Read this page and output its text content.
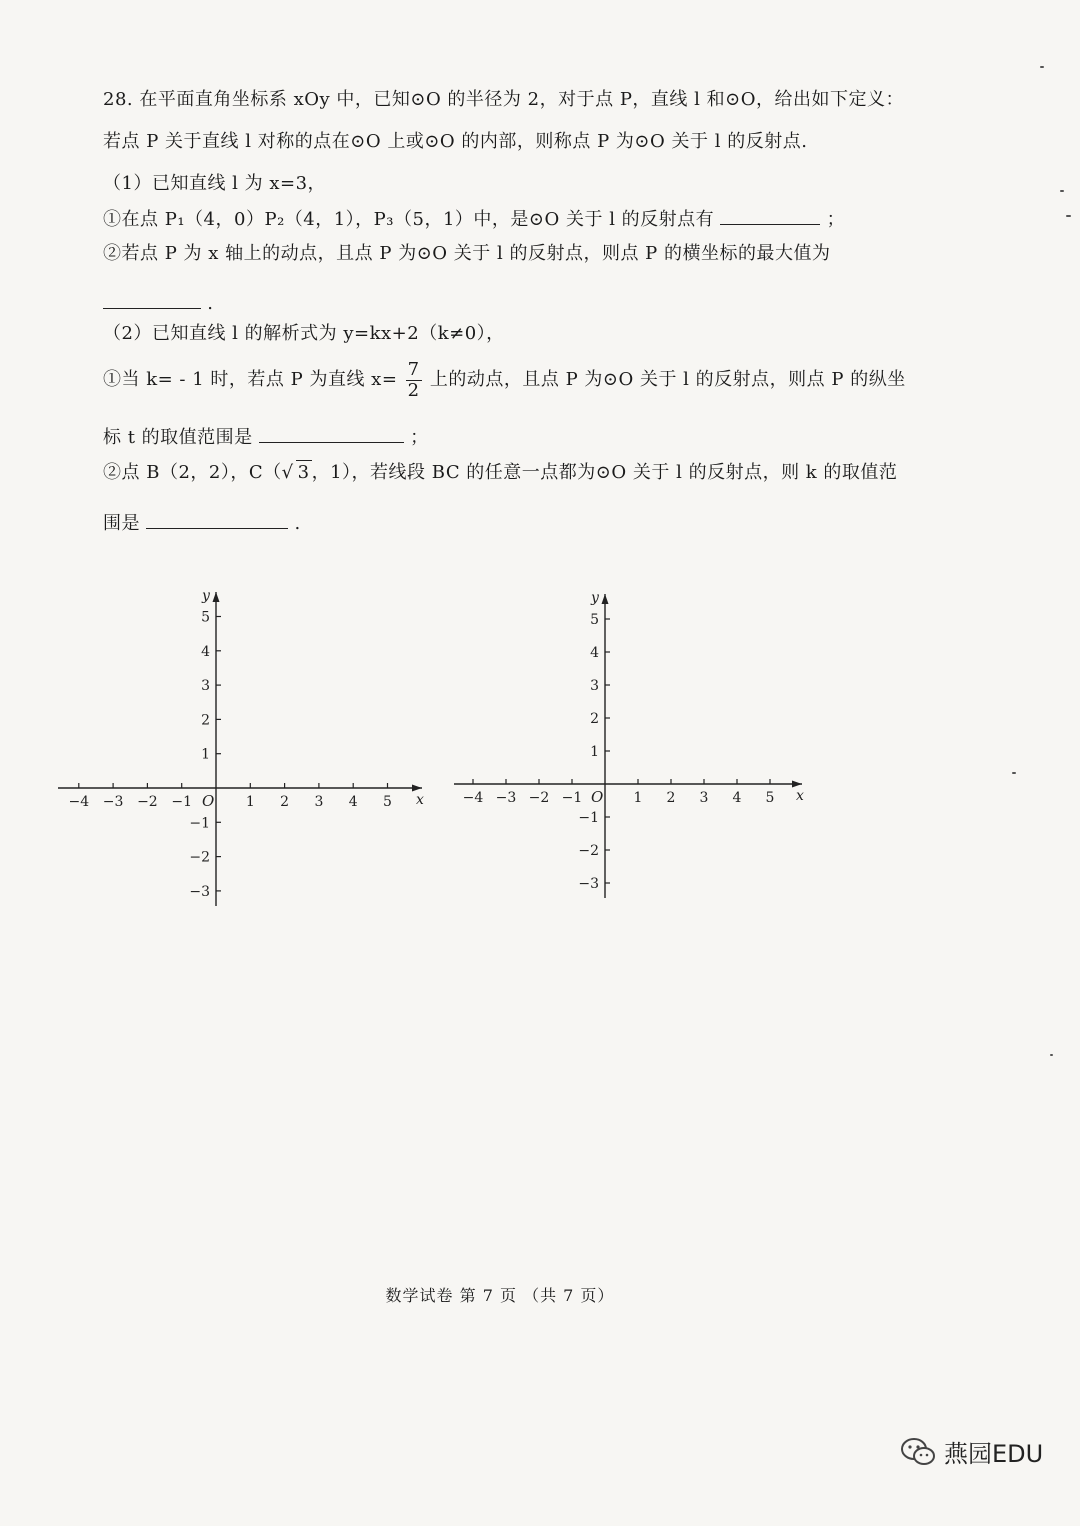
28. 在平面直角坐标系 xOy 中，已知⊙O 的半径为 2，对于点 P，直线 l 和⊙O，给出如下定义：
若点 P 关于直线 l 对称的点在⊙O 上或⊙O 的内部，则称点 P 为⊙O 关于 l 的反射点.
（1）已知直线 l 为 x=3，
①在点 P₁（4，0）P₂（4，1），P₃（5，1）中，是⊙O 关于 l 的反射点有	；
②若点 P 为 x 轴上的动点，且点 P 为⊙O 关于 l 的反射点，则点 P 的横坐标的最大值为
.
（2）已知直线 l 的解析式为 y=kx+2（k≠0），
①当 k= - 1 时，若点 P 为直线 $x= \frac{7}{2}$ 上的动点，且点 P 为⊙O 关于 l 的反射点，则点 P 的纵坐
标 t 的取值范围是	；
②点 B（2，2），C（√ 3 ，1），若线段 BC 的任意一点都为⊙O 关于 l 的反射点，则 k 的取值范
围是	.
−4 −3 −2 −1	1 2 3 4 5
5
4
3
2
1
−1
−2
−3
O	x
y
−4 −3 −2 −1	1 2 3 4 5
5
4
3
2
1
−1
−2
−3
O	x
y
数学试卷 第 7 页 （共 7 页）
燕园EDU
